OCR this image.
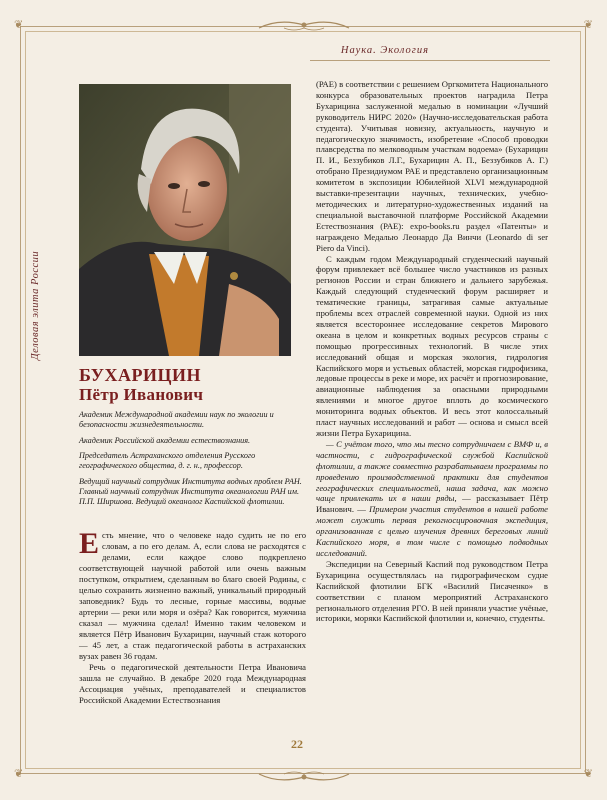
❦	❦
❦	❦
Наука. Экология
Деловая элита России
БУХАРИЦИН
Пётр Иванович
Академик Международной академии наук по экологии и безопасности жизнедеятельности.
Академик Российской академии естествознания.
Председатель Астраханского отделения Русского географического общества, д. г. н., профессор.
Ведущий научный сотрудник Института водных проблем РАН. Главный научный сотрудник Института океанологии РАН им. П.П. Ширшова. Ведущий океанолог Каспийской флотилии.

Есть мнение, что о человеке надо судить не по его словам, а по его делам. А, если слова не расходятся с делами, если каждое слово подкреплено соответствующей научной работой или очень важным поступком, открытием, сделанным во благо своей Родины, с целью сохранить жизненно важный, уникальный природный заповедник? Будь то лесные, горные массивы, водные артерии — реки или моря и озёра? Как говорится, мужчина сказал — мужчина сделал! Именно таким человеком и является Пётр Иванович Бухарицин, научный стаж которого — 45 лет, а стаж педагогической работы в астраханских вузах равен 36 годам.

Речь о педагогической деятельности Петра Ивановича зашла не случайно. В декабре 2020 года Международная Ассоциация учёных, преподавателей и специалистов Российской Академии Естествознания

(РАЕ) в соответствии с решением Оргкомитета Национального конкурса образовательных проектов наградила Петра Бухарицина заслуженной медалью в номинации «Лучший руководитель НИРС 2020» (Научно-исследовательская работа студента). Учитывая новизну, актуальность, научную и педагогическую значимость, изобретение «Способ проводки плавсредства по мелководным участкам водоема» (Бухарицин П. И., Беззубиков Л.Г., Бухарицин А. П., Беззубиков А. Г.) отобрано Президиумом РАЕ и представлено организационным комитетом в экспозиции Юбилейной XLVI международной выставки-презентации научных, технических, учебно-методических и литературно-художественных изданий на специальной выставочной платформе Российской Академии Естествознания (РАЕ): expo-books.ru раздел «Патенты» и награждено Медалью Леонардо Да Винчи (Leonardo di ser Piero da Vinci).

С каждым годом Международный студенческий научный форум привлекает всё большее число участников из разных регионов России и стран ближнего и дальнего зарубежья. Каждый следующий студенческий форум расширяет и тематические границы, затрагивая самые актуальные проблемы всех отраслей современной науки. Одной из них является всестороннее исследование секретов Мирового океана в целом и конкретных водных ресурсов страны с помощью прогрессивных технологий. В числе этих исследований общая и морская экология, гидрология Каспийского моря и устьевых областей, морская гидрофизика, ледовые процессы в реке и море, их расчёт и прогнозирование, авиационные наблюдения за опасными природными явлениями и многое другое вплоть до космического мониторинга водных объектов. И весь этот колоссальный пласт научных исследований и работ — основа и смысл всей жизни Петра Бухарицина.

— С учётом того, что мы тесно сотрудничаем с ВМФ и, в частности, с гидрографической службой Каспийской флотилии, а также совместно разрабатываем программы по проведению производственной практики для студентов географических специальностей, наша задача, как можно чаще привлекать их в наши ряды, — рассказывает Пётр Иванович. — Примером участия студентов в нашей работе может служить первая рекогносцировочная экспедиция, организованная с целью изучения древних береговых линий Каспийского моря, в том числе с помощью подводных исследований.

Экспедиции на Северный Каспий под руководством Петра Бухарицина осуществлялась на гидрографическом судне Каспийской флотилии БГК «Василий Писаченко» в соответствии с планом мероприятий Астраханского регионального отделения РГО. В ней приняли участие учёные, историки, моряки Каспийской флотилии и, конечно, студенты.

22
